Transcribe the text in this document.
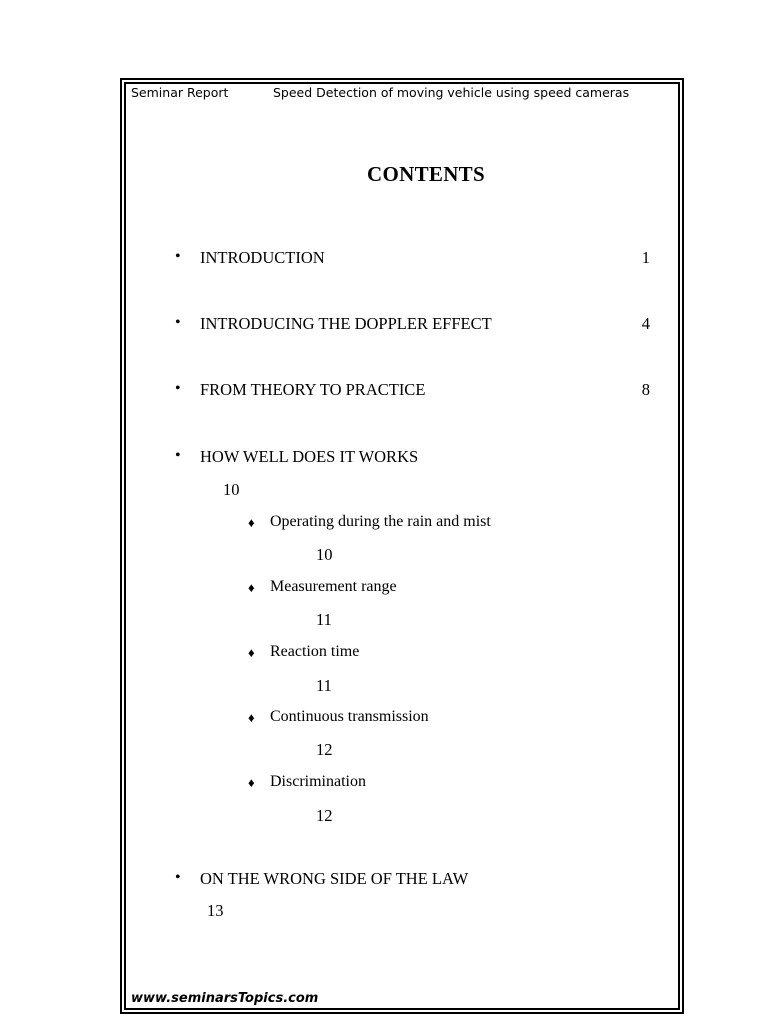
Seminar Report	Speed Detection of moving vehicle using speed cameras
CONTENTS
• INTRODUCTION	1
• INTRODUCING THE DOPPLER EFFECT	4
• FROM THEORY TO PRACTICE	8
• HOW WELL DOES IT WORKS
10
♦ Operating during the rain and mist
10
♦ Measurement range
11
♦ Reaction time
11
♦ Continuous transmission
12
♦ Discrimination
12
• ON THE WRONG SIDE OF THE LAW
13
www.seminarsTopics.com
